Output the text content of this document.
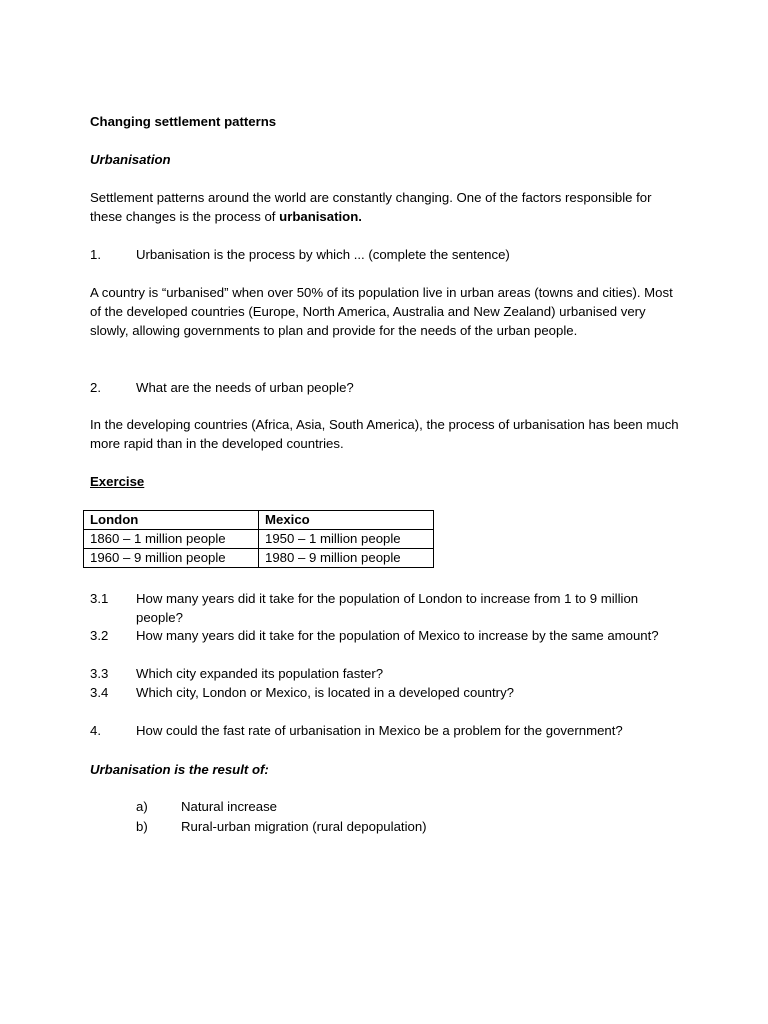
Changing settlement patterns
Urbanisation
Settlement patterns around the world are constantly changing. One of the factors responsible for these changes is the process of urbanisation.
1.	Urbanisation is the process by which ... (complete the sentence)
A country is “urbanised” when over 50% of its population live in urban areas (towns and cities). Most of the developed countries (Europe, North America, Australia and New Zealand) urbanised very slowly, allowing governments to plan and provide for the needs of the urban people.
2.	What are the needs of urban people?
In the developing countries (Africa, Asia, South America), the process of urbanisation has been much more rapid than in the developed countries.
Exercise
London	Mexico
1860 – 1 million people	1950 – 1 million people
1960 – 9 million people	1980 – 9 million people
3.1 How many years did it take for the population of London to increase from 1 to 9 million people?
3.2 How many years did it take for the population of Mexico to increase by the same amount?
3.3 Which city expanded its population faster?
3.4 Which city, London or Mexico, is located in a developed country?
4.	How could the fast rate of urbanisation in Mexico be a problem for the government?
Urbanisation is the result of:
a)	Natural increase
b)	Rural-urban migration (rural depopulation)
